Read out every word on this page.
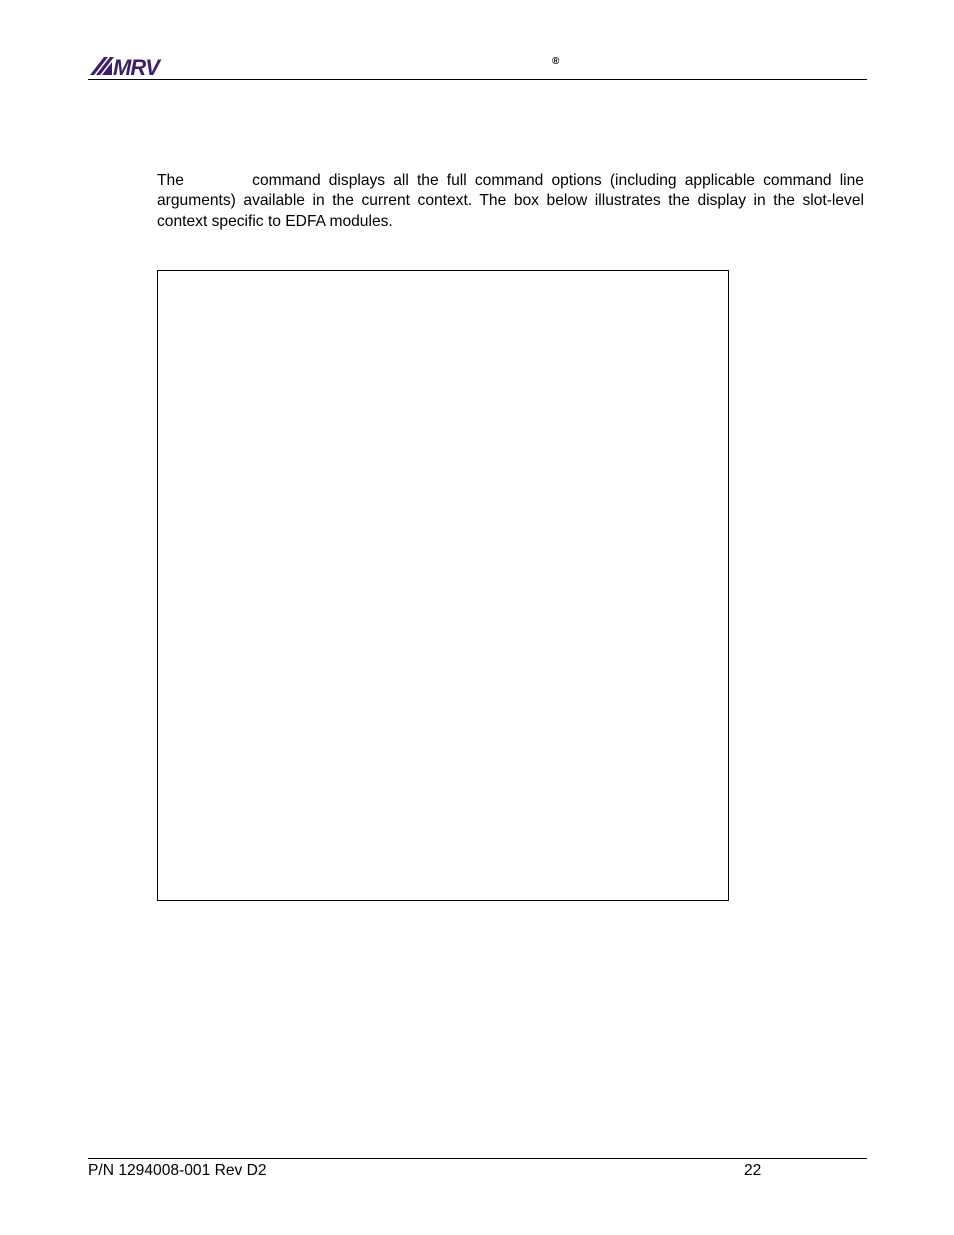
MRV	®

The	command displays all the full command options (including applicable command line arguments) available in the current context. The box below illustrates the display in the slot-level context specific to EDFA modules.

P/N 1294008-001 Rev D2	22
